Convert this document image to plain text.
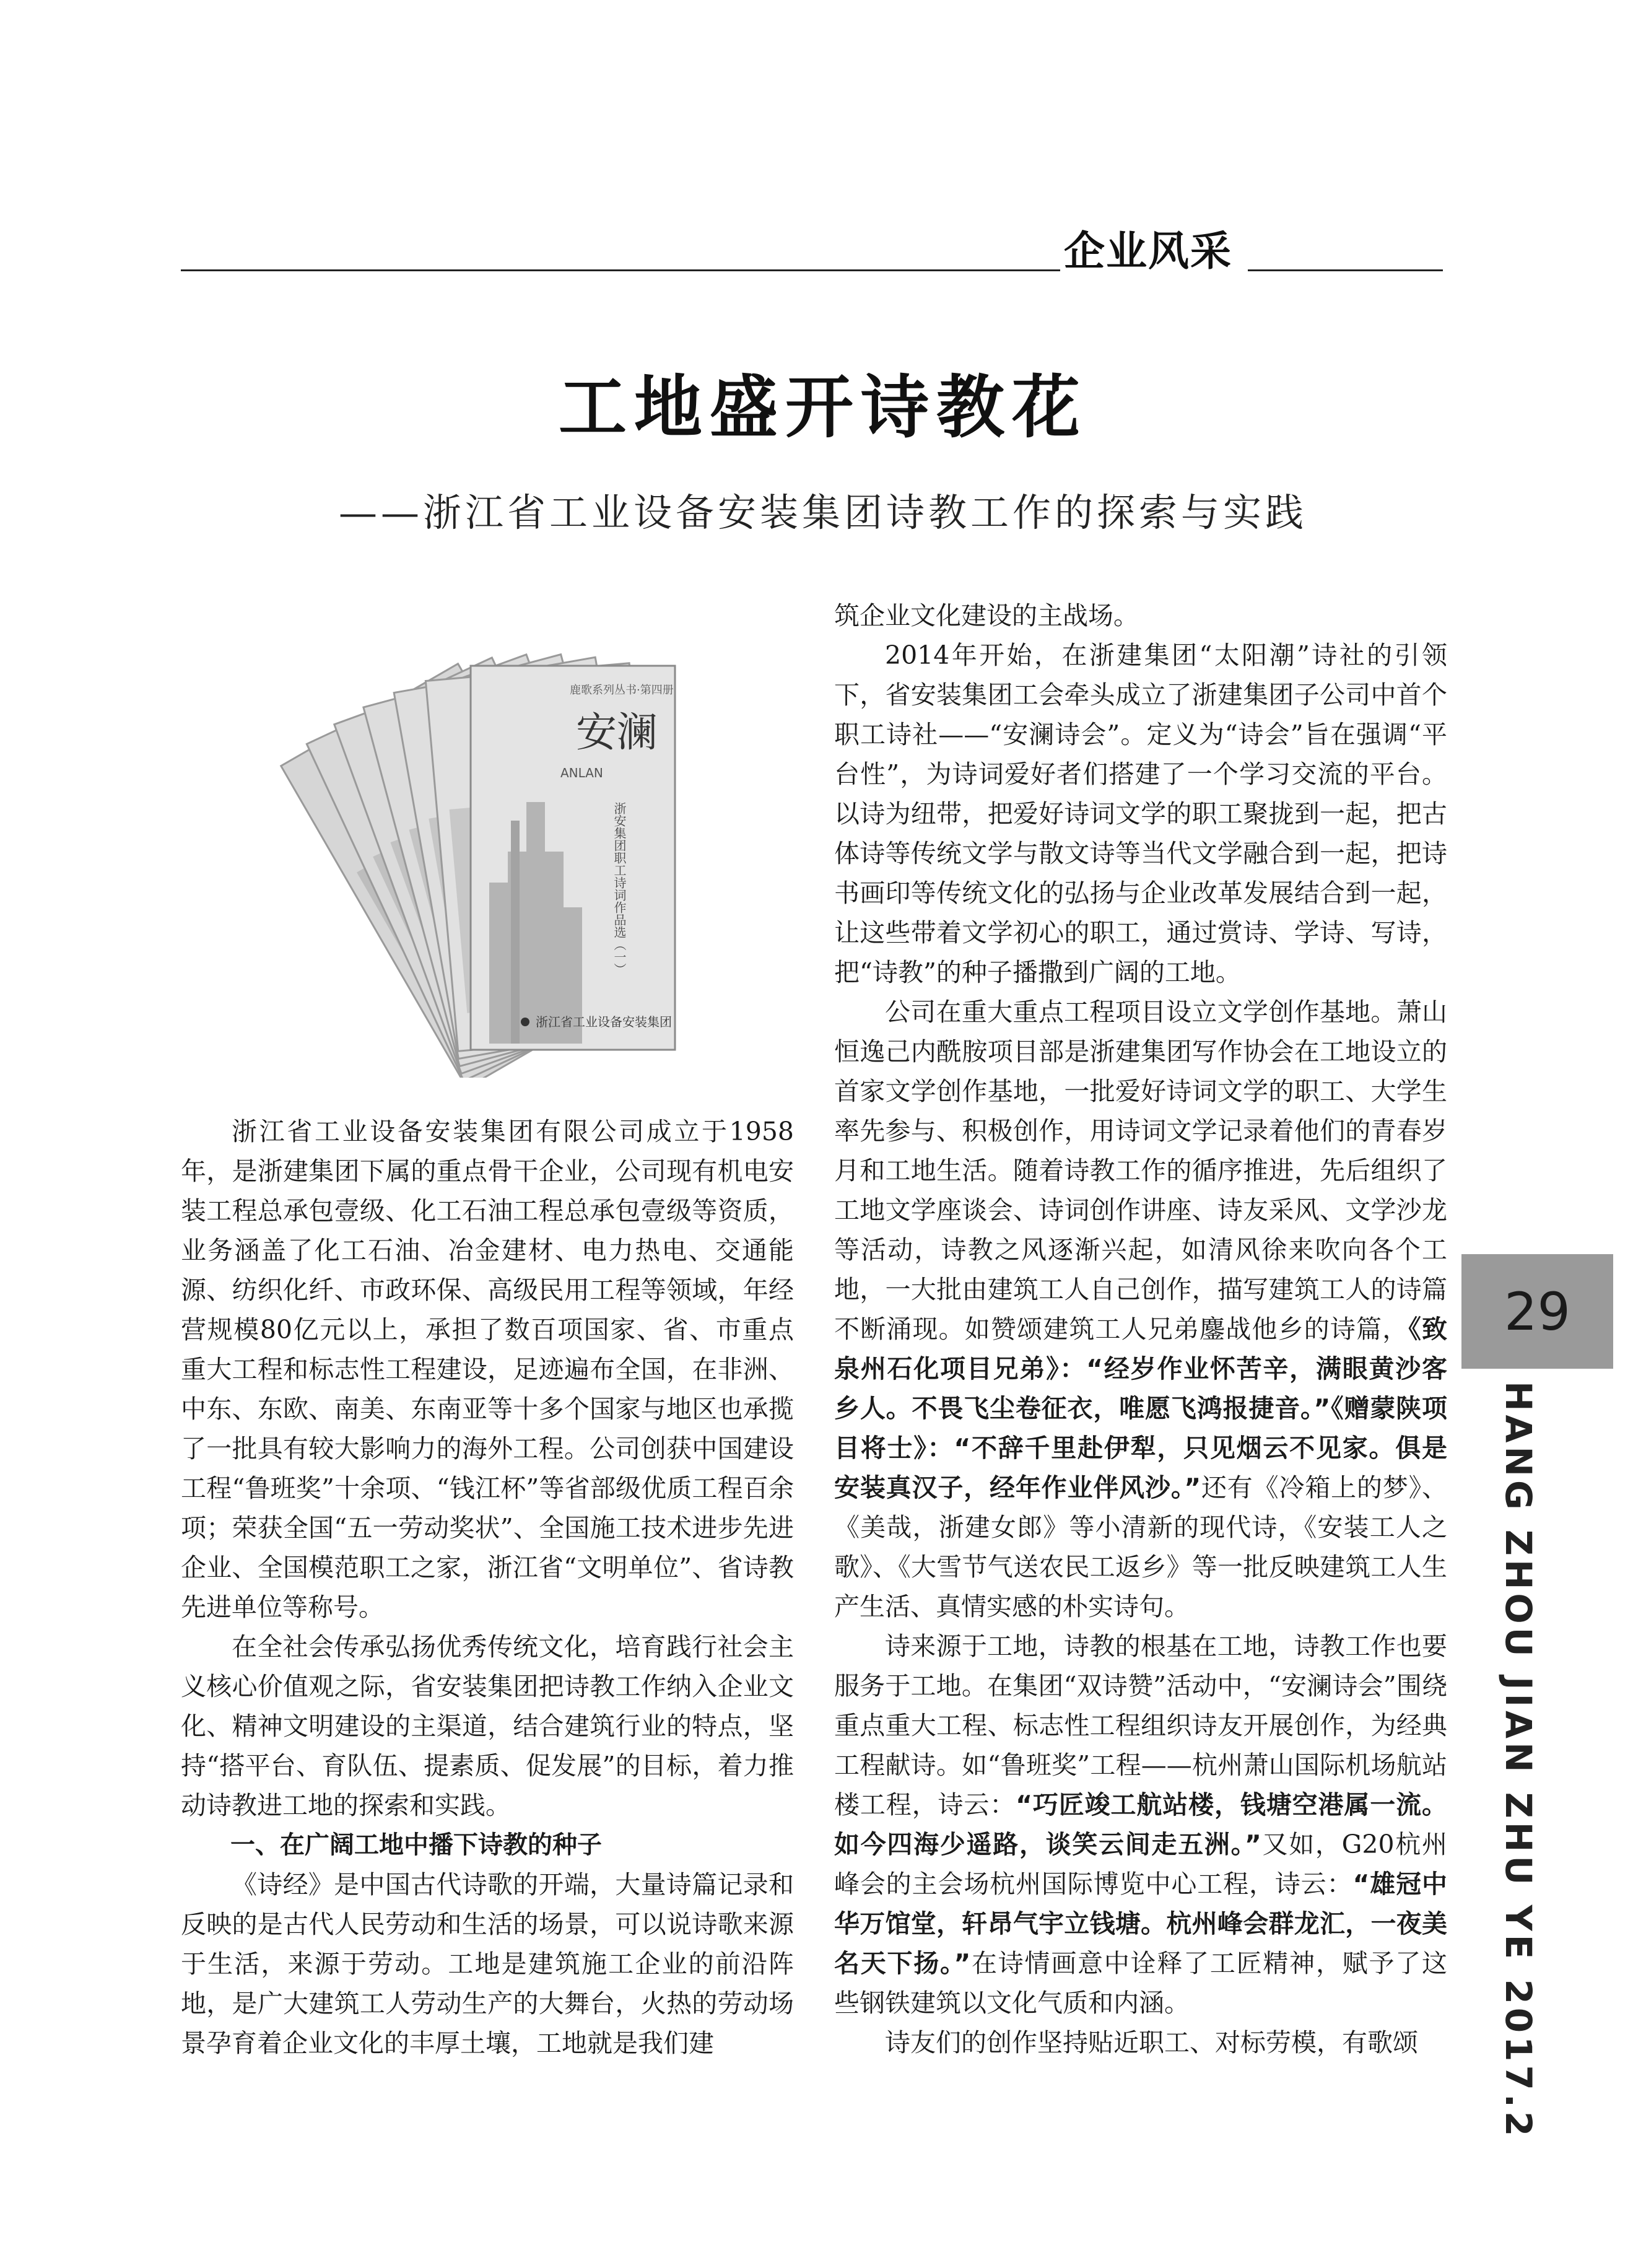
企业风采
工地盛开诗教花
——浙江省工业设备安装集团诗教工作的探索与实践
鹿歌系列丛书·第四册
安澜
ANLAN
浙安集团职工诗词作品选（一）
浙江省工业设备安装集团

浙江省工业设备安装集团有限公司成立于1958年，是浙建集团下属的重点骨干企业，公司现有机电安装工程总承包壹级、化工石油工程总承包壹级等资质，业务涵盖了化工石油、冶金建材、电力热电、交通能源、纺织化纤、市政环保、高级民用工程等领域，年经营规模80亿元以上，承担了数百项国家、省、市重点重大工程和标志性工程建设，足迹遍布全国，在非洲、中东、东欧、南美、东南亚等十多个国家与地区也承揽了一批具有较大影响力的海外工程。公司创获中国建设工程“鲁班奖”十余项、“钱江杯”等省部级优质工程百余项；荣获全国“五一劳动奖状”、全国施工技术进步先进企业、全国模范职工之家，浙江省“文明单位”、省诗教先进单位等称号。

在全社会传承弘扬优秀传统文化，培育践行社会主义核心价值观之际，省安装集团把诗教工作纳入企业文化、精神文明建设的主渠道，结合建筑行业的特点，坚持“搭平台、育队伍、提素质、促发展”的目标，着力推动诗教进工地的探索和实践。

一、在广阔工地中播下诗教的种子

《诗经》是中国古代诗歌的开端，大量诗篇记录和反映的是古代人民劳动和生活的场景，可以说诗歌来源于生活，来源于劳动。工地是建筑施工企业的前沿阵地，是广大建筑工人劳动生产的大舞台，火热的劳动场景孕育着企业文化的丰厚土壤，工地就是我们建

筑企业文化建设的主战场。

2014年开始，在浙建集团“太阳潮”诗社的引领下，省安装集团工会牵头成立了浙建集团子公司中首个职工诗社——“安澜诗会”。定义为“诗会”旨在强调“平台性”，为诗词爱好者们搭建了一个学习交流的平台。以诗为纽带，把爱好诗词文学的职工聚拢到一起，把古体诗等传统文学与散文诗等当代文学融合到一起，把诗书画印等传统文化的弘扬与企业改革发展结合到一起，让这些带着文学初心的职工，通过赏诗、学诗、写诗，把“诗教”的种子播撒到广阔的工地。

公司在重大重点工程项目设立文学创作基地。萧山恒逸己内酰胺项目部是浙建集团写作协会在工地设立的首家文学创作基地，一批爱好诗词文学的职工、大学生率先参与、积极创作，用诗词文学记录着他们的青春岁月和工地生活。随着诗教工作的循序推进，先后组织了工地文学座谈会、诗词创作讲座、诗友采风、文学沙龙等活动，诗教之风逐渐兴起，如清风徐来吹向各个工地，一大批由建筑工人自己创作，描写建筑工人的诗篇不断涌现。如赞颂建筑工人兄弟鏖战他乡的诗篇，《致泉州石化项目兄弟》：“经岁作业怀苦辛，满眼黄沙客乡人。不畏飞尘卷征衣，唯愿飞鸿报捷音。”《赠蒙陕项目将士》：“不辞千里赴伊犁，只见烟云不见家。俱是安装真汉子，经年作业伴风沙。”还有《冷箱上的梦》、《美哉，浙建女郎》等小清新的现代诗，《安装工人之歌》、《大雪节气送农民工返乡》等一批反映建筑工人生产生活、真情实感的朴实诗句。

诗来源于工地，诗教的根基在工地，诗教工作也要服务于工地。在集团“双诗赞”活动中，“安澜诗会”围绕重点重大工程、标志性工程组织诗友开展创作，为经典工程献诗。如“鲁班奖”工程——杭州萧山国际机场航站楼工程，诗云：“巧匠竣工航站楼，钱塘空港属一流。如今四海少遥路，谈笑云间走五洲。”又如，G20杭州峰会的主会场杭州国际博览中心工程，诗云：“雄冠中华万馆堂，轩昂气宇立钱塘。杭州峰会群龙汇，一夜美名天下扬。”在诗情画意中诠释了工匠精神，赋予了这些钢铁建筑以文化气质和内涵。

诗友们的创作坚持贴近职工、对标劳模，有歌颂

29
HANG ZHOU JIAN ZHU YE 2017.2
